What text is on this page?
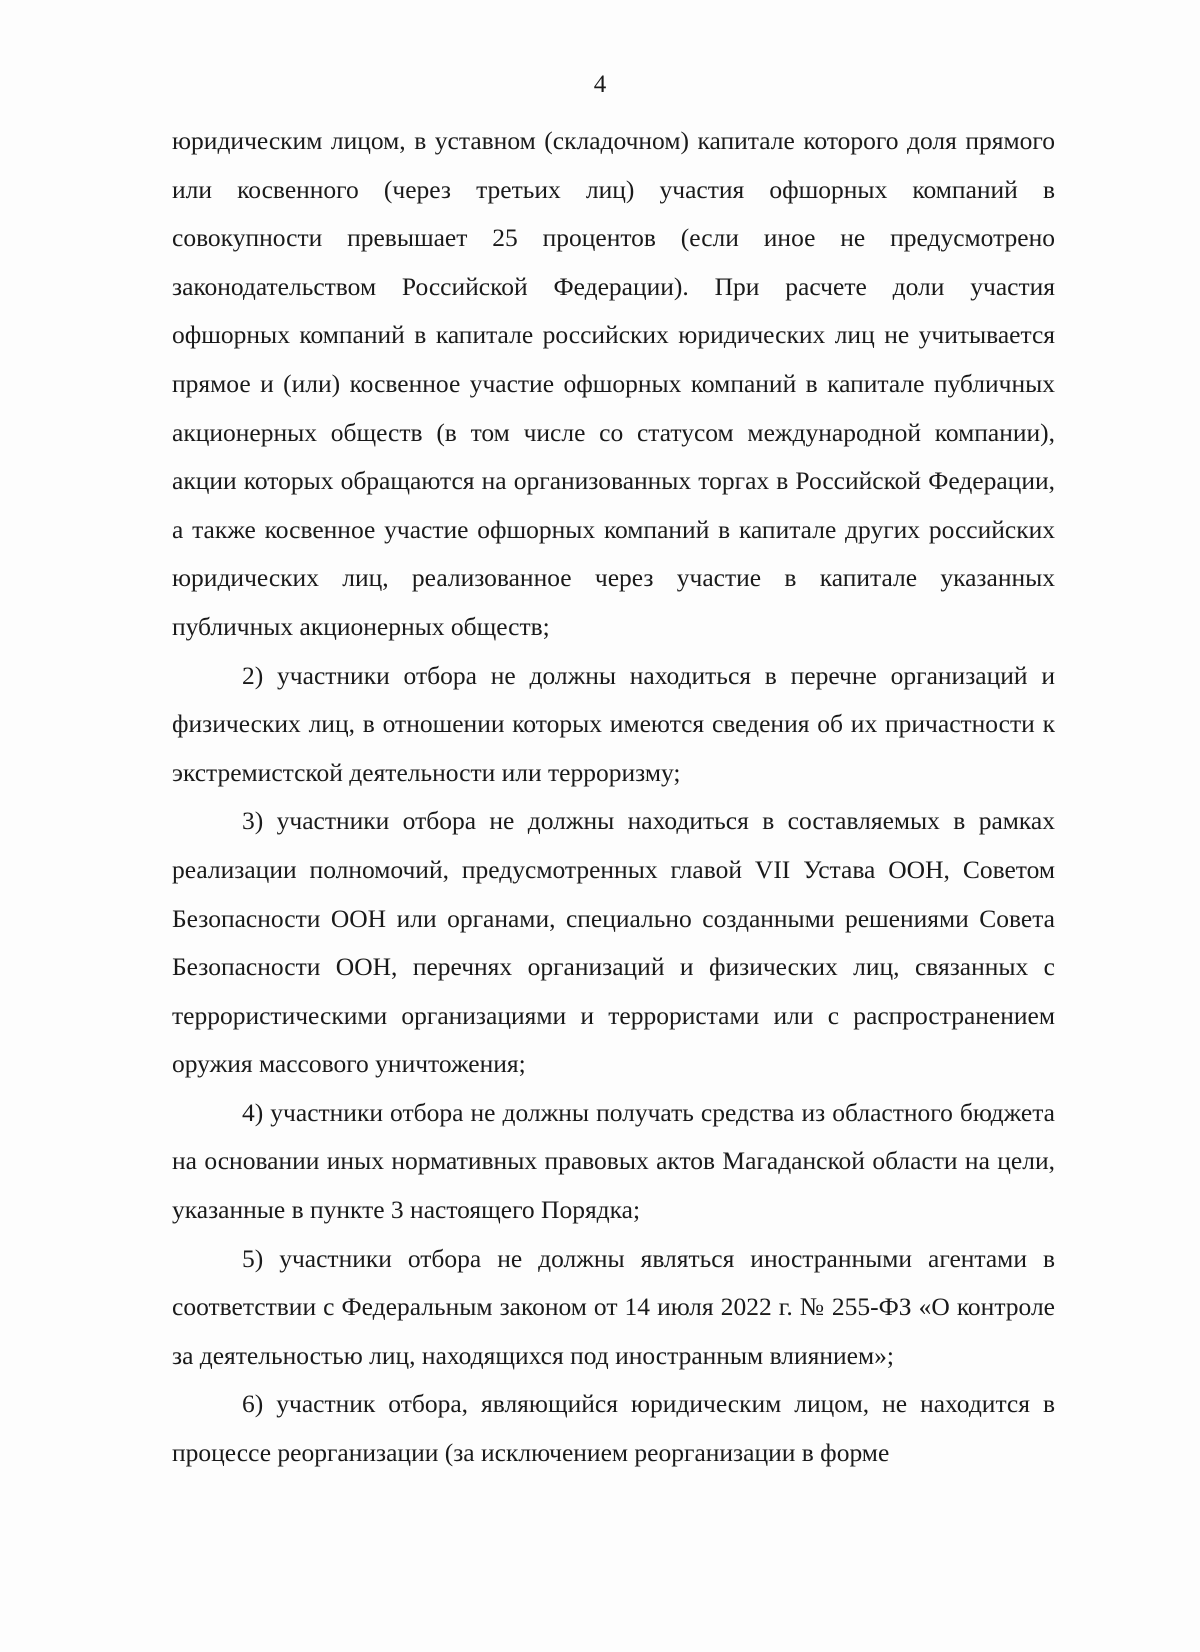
4

юридическим лицом, в уставном (складочном) капитале которого доля прямого или косвенного (через третьих лиц) участия офшорных компаний в совокупности превышает 25 процентов (если иное не предусмотрено законодательством Российской Федерации). При расчете доли участия офшорных компаний в капитале российских юридических лиц не учитывается прямое и (или) косвенное участие офшорных компаний в капитале публичных акционерных обществ (в том числе со статусом международной компании), акции которых обращаются на организованных торгах в Российской Федерации, а также косвенное участие офшорных компаний в капитале других российских юридических лиц, реализованное через участие в капитале указанных публичных акционерных обществ;

2) участники отбора не должны находиться в перечне организаций и физических лиц, в отношении которых имеются сведения об их причастности к экстремистской деятельности или терроризму;

3) участники отбора не должны находиться в составляемых в рамках реализации полномочий, предусмотренных главой VII Устава ООН, Советом Безопасности ООН или органами, специально созданными решениями Совета Безопасности ООН, перечнях организаций и физических лиц, связанных с террористическими организациями и террористами или с распространением оружия массового уничтожения;

4) участники отбора не должны получать средства из областного бюджета на основании иных нормативных правовых актов Магаданской области на цели, указанные в пункте 3 настоящего Порядка;

5) участники отбора не должны являться иностранными агентами в соответствии с Федеральным законом от 14 июля 2022 г. № 255-ФЗ «О контроле за деятельностью лиц, находящихся под иностранным влиянием»;

6) участник отбора, являющийся юридическим лицом, не находится в процессе реорганизации (за исключением реорганизации в форме
